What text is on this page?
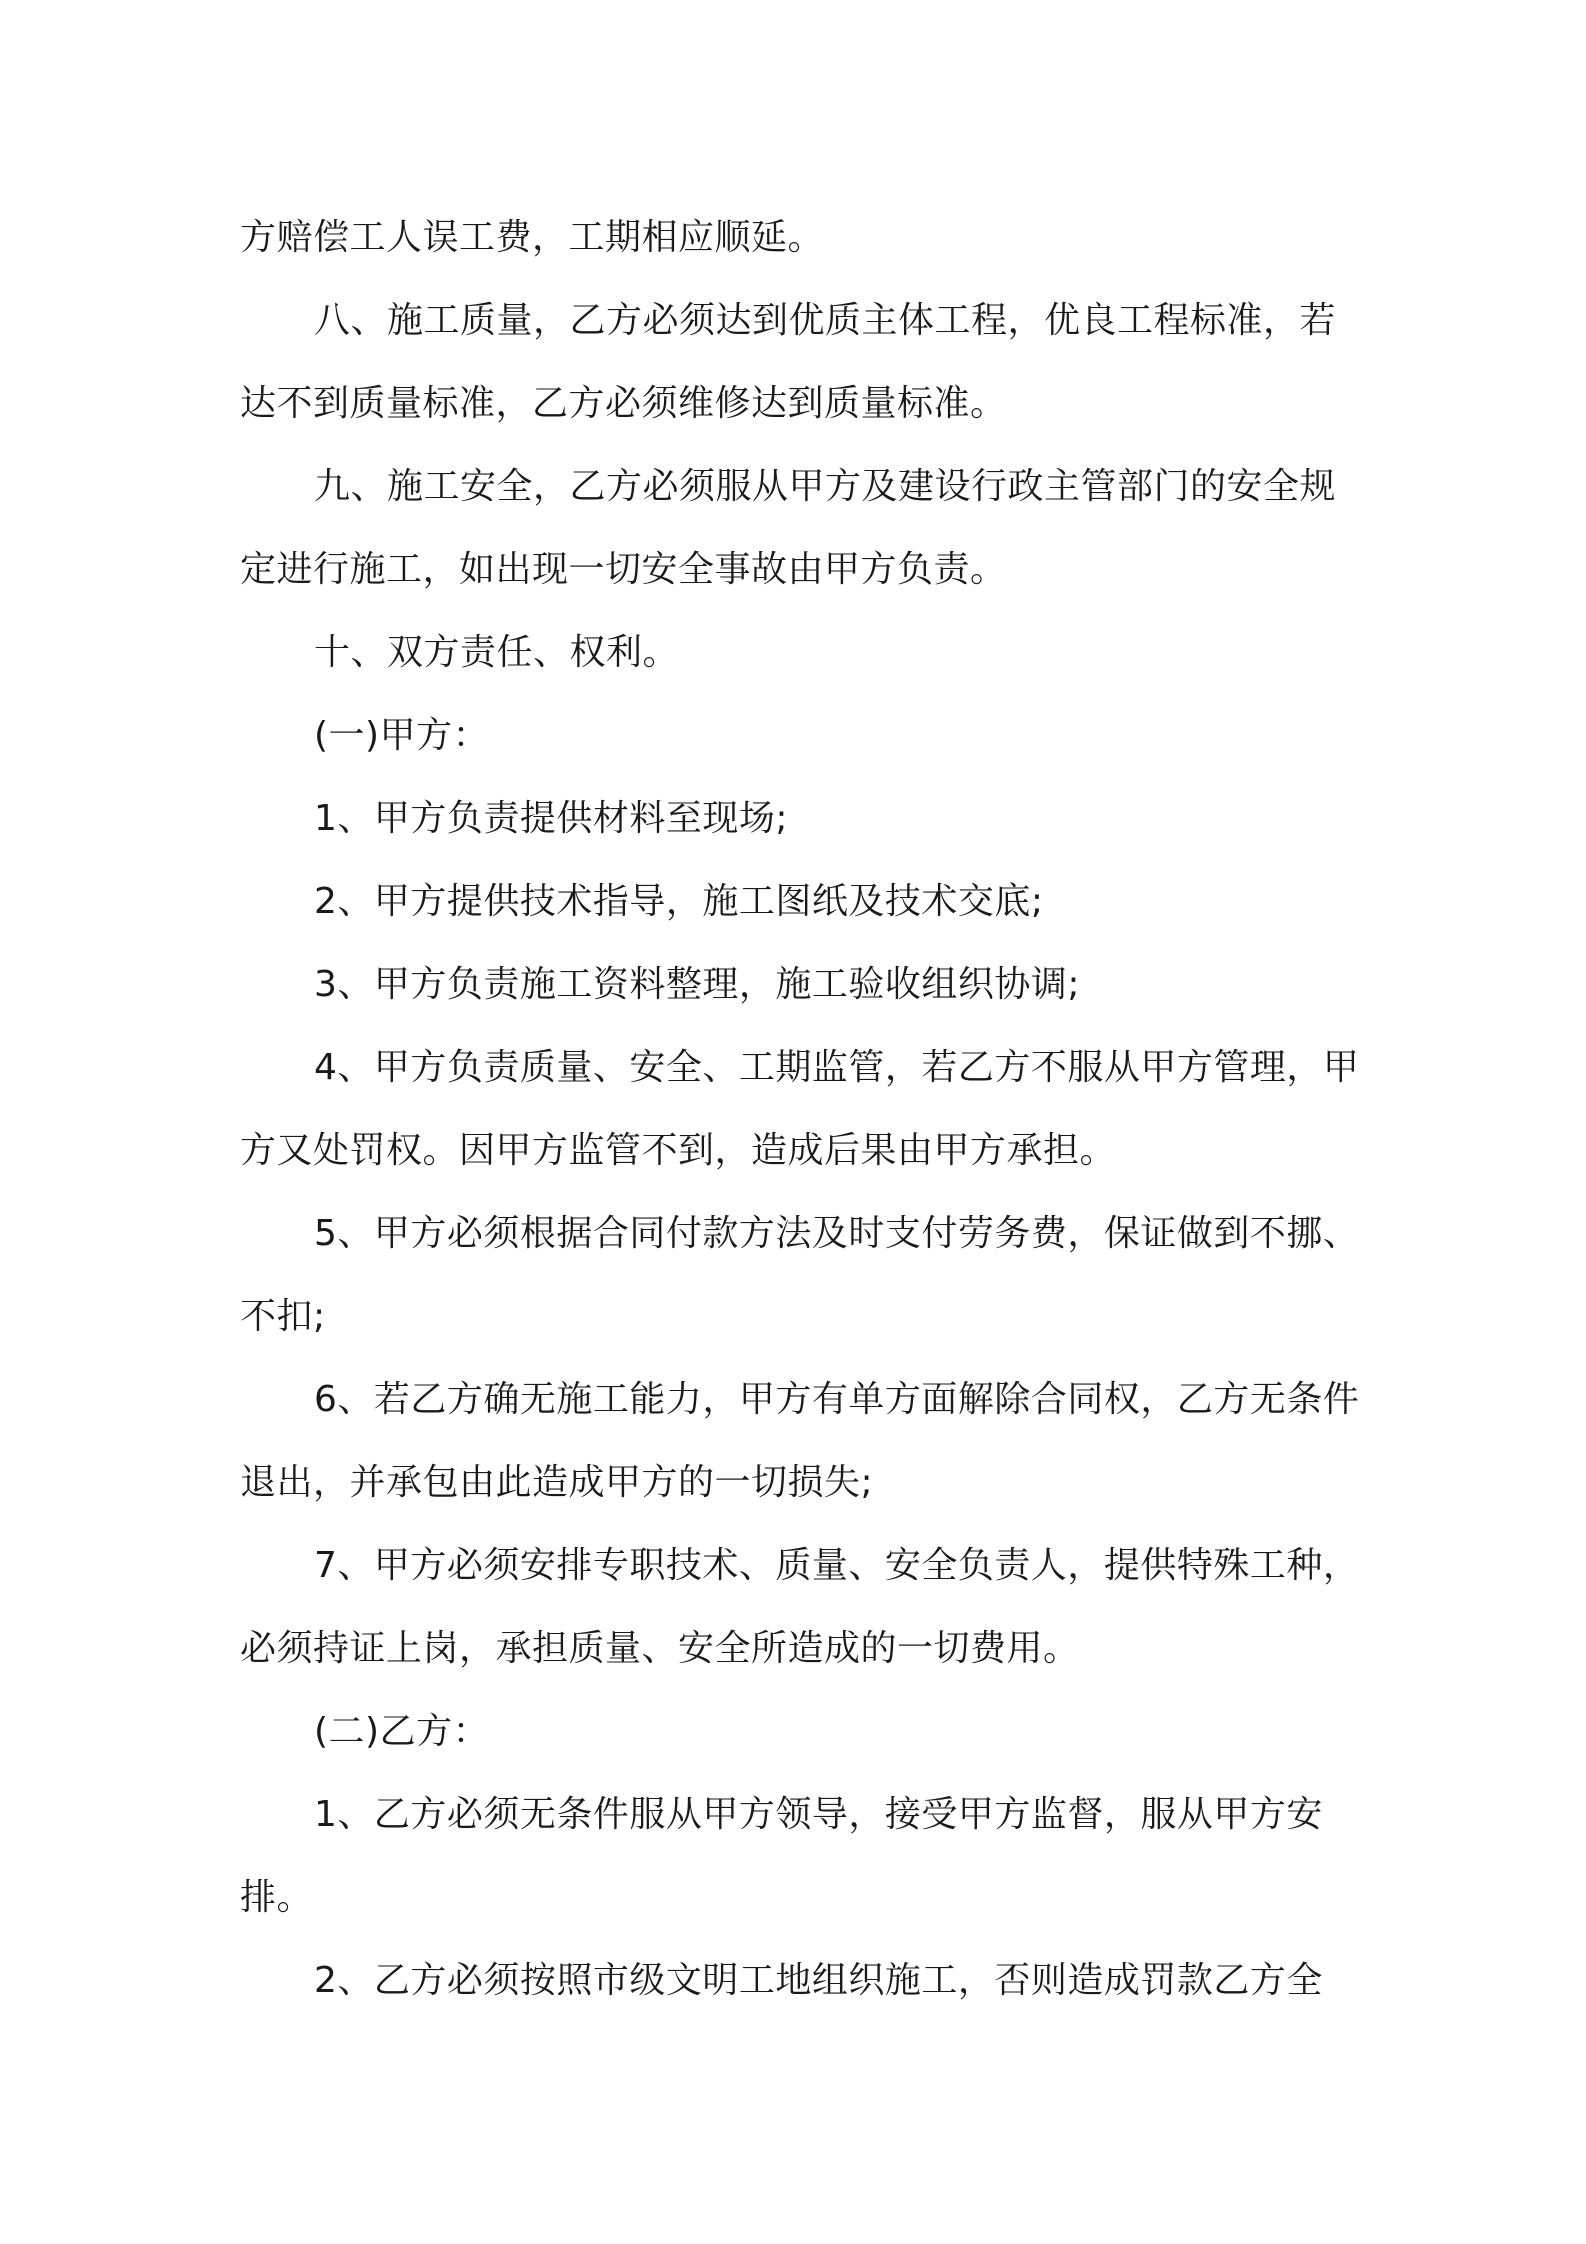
方赔偿工人误工费，工期相应顺延。

八、施工质量，乙方必须达到优质主体工程，优良工程标准，若达不到质量标准，乙方必须维修达到质量标准。

九、施工安全，乙方必须服从甲方及建设行政主管部门的安全规定进行施工，如出现一切安全事故由甲方负责。

十、双方责任、权利。

(一)甲方：

1、甲方负责提供材料至现场;

2、甲方提供技术指导，施工图纸及技术交底;

3、甲方负责施工资料整理，施工验收组织协调;

4、甲方负责质量、安全、工期监管，若乙方不服从甲方管理，甲方又处罚权。因甲方监管不到，造成后果由甲方承担。

5、甲方必须根据合同付款方法及时支付劳务费，保证做到不挪、不扣;

6、若乙方确无施工能力，甲方有单方面解除合同权，乙方无条件退出，并承包由此造成甲方的一切损失;

7、甲方必须安排专职技术、质量、安全负责人，提供特殊工种，必须持证上岗，承担质量、安全所造成的一切费用。

(二)乙方：

1、乙方必须无条件服从甲方领导，接受甲方监督，服从甲方安排。

2、乙方必须按照市级文明工地组织施工，否则造成罚款乙方全
